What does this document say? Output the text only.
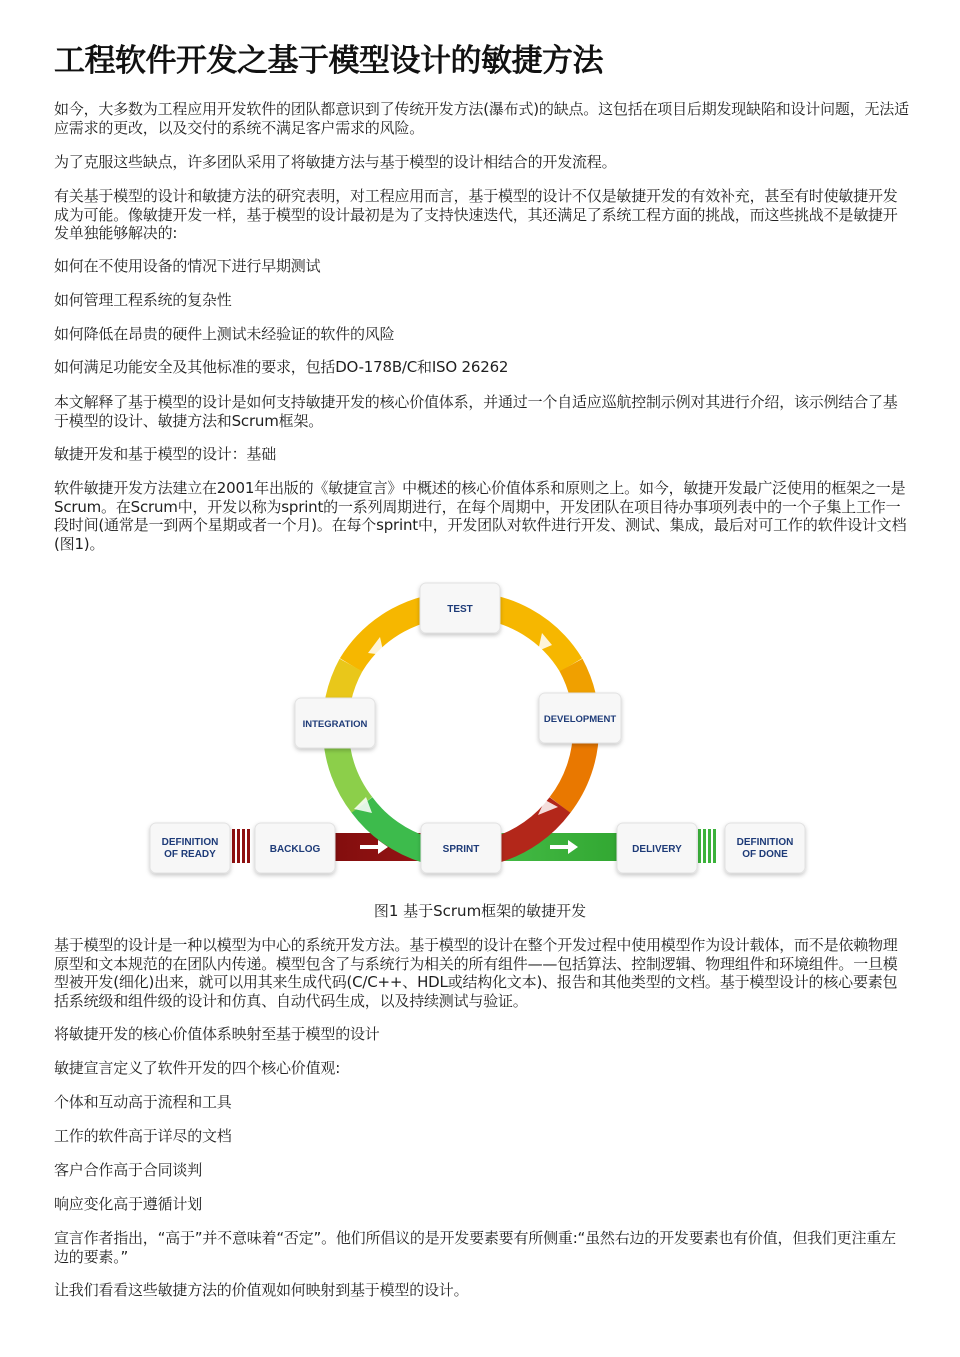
工程软件开发之基于模型设计的敏捷方法

如今，大多数为工程应用开发软件的团队都意识到了传统开发方法(瀑布式)的缺点。这包括在项目后期发现缺陷和设计问题，无法适应需求的更改，以及交付的系统不满足客户需求的风险。

为了克服这些缺点，许多团队采用了将敏捷方法与基于模型的设计相结合的开发流程。

有关基于模型的设计和敏捷方法的研究表明，对工程应用而言，基于模型的设计不仅是敏捷开发的有效补充，甚至有时使敏捷开发成为可能。像敏捷开发一样，基于模型的设计最初是为了支持快速迭代，其还满足了系统工程方面的挑战，而这些挑战不是敏捷开发单独能够解决的:

如何在不使用设备的情况下进行早期测试

如何管理工程系统的复杂性

如何降低在昂贵的硬件上测试未经验证的软件的风险

如何满足功能安全及其他标准的要求，包括DO-178B/C和ISO 26262

本文解释了基于模型的设计是如何支持敏捷开发的核心价值体系，并通过一个自适应巡航控制示例对其进行介绍，该示例结合了基于模型的设计、敏捷方法和Scrum框架。

敏捷开发和基于模型的设计：基础

软件敏捷开发方法建立在2001年出版的《敏捷宣言》中概述的核心价值体系和原则之上。如今，敏捷开发最广泛使用的框架之一是Scrum。在Scrum中，开发以称为sprint的一系列周期进行，在每个周期中，开发团队在项目待办事项列表中的一个子集上工作一段时间(通常是一到两个星期或者一个月)。在每个sprint中，开发团队对软件进行开发、测试、集成，最后对可工作的软件设计文档(图1)。

TEST
INTEGRATION	DEVELOPMENT
DEFINITION
OF READY	BACKLOG	SPRINT	DELIVERY
DEFINITION
OF DONE
图1 基于Scrum框架的敏捷开发

基于模型的设计是一种以模型为中心的系统开发方法。基于模型的设计在整个开发过程中使用模型作为设计载体，而不是依赖物理原型和文本规范的在团队内传递。模型包含了与系统行为相关的所有组件——包括算法、控制逻辑、物理组件和环境组件。一旦模型被开发(细化)出来，就可以用其来生成代码(C/C++、HDL或结构化文本)、报告和其他类型的文档。基于模型设计的核心要素包括系统级和组件级的设计和仿真、自动代码生成，以及持续测试与验证。

将敏捷开发的核心价值体系映射至基于模型的设计

敏捷宣言定义了软件开发的四个核心价值观:

个体和互动高于流程和工具

工作的软件高于详尽的文档

客户合作高于合同谈判

响应变化高于遵循计划

宣言作者指出，“高于”并不意味着“否定”。他们所倡议的是开发要素要有所侧重:“虽然右边的开发要素也有价值，但我们更注重左边的要素。”

让我们看看这些敏捷方法的价值观如何映射到基于模型的设计。
